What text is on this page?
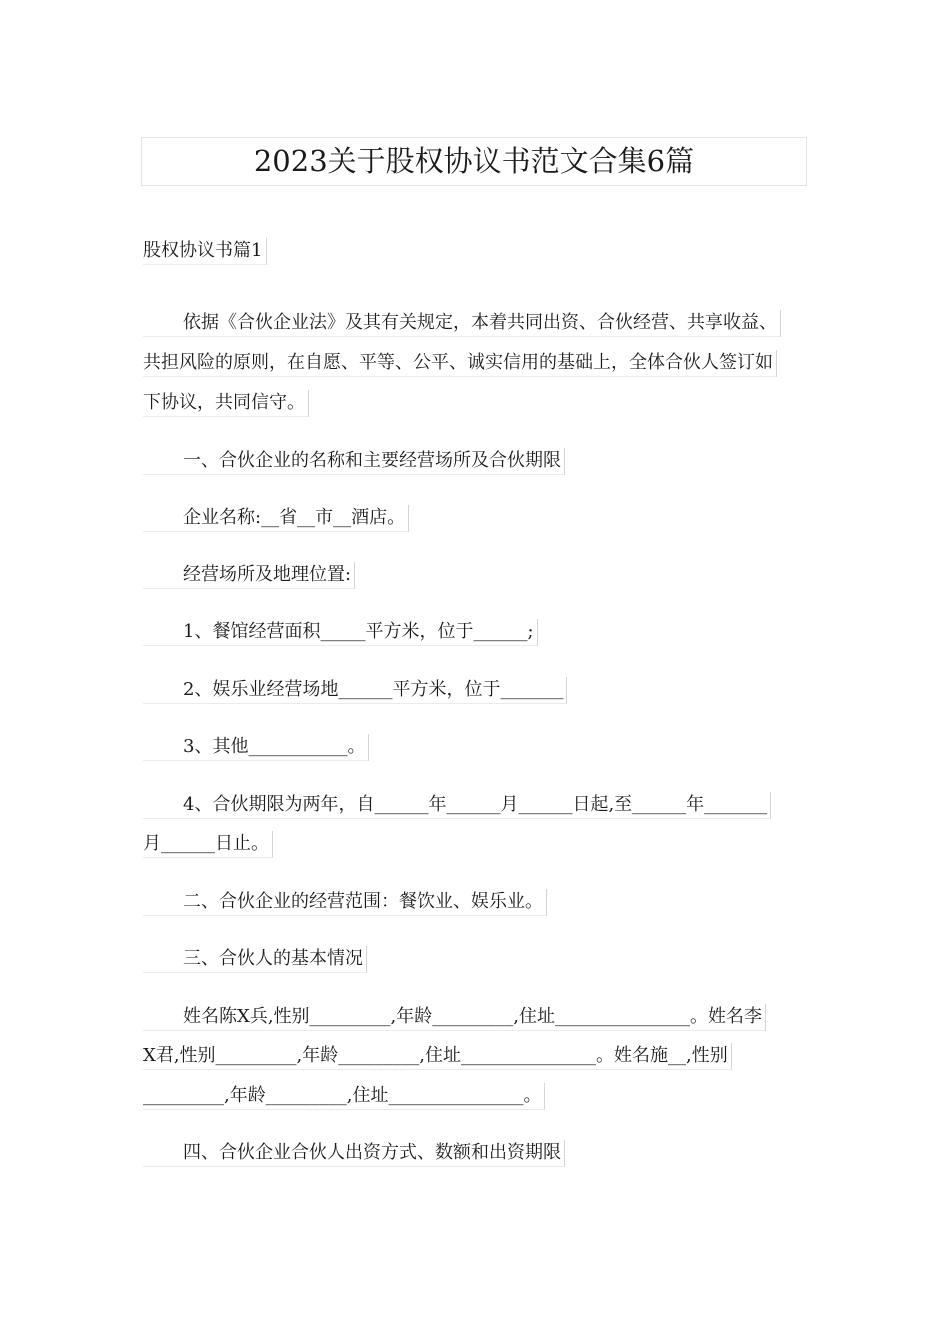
2023关于股权协议书范文合集6篇
股权协议书篇1
依据《合伙企业法》及其有关规定，本着共同出资、合伙经营、共享收益、
共担风险的原则，在自愿、平等、公平、诚实信用的基础上，全体合伙人签订如
下协议，共同信守。
一、合伙企业的名称和主要经营场所及合伙期限
企业名称:__省__市__酒店。
经营场所及地理位置:
1、餐馆经营面积_____平方米，位于______;
2、娱乐业经营场地______平方米，位于_______
3、其他___________。
4、合伙期限为两年，自______年______月______日起,至______年_______
月______日止。
二、合伙企业的经营范围：餐饮业、娱乐业。
三、合伙人的基本情况
姓名陈X兵,性别_________,年龄_________,住址_______________。姓名李
X君,性别_________,年龄_________,住址_______________。姓名施__,性别
_________,年龄_________,住址_______________。
四、合伙企业合伙人出资方式、数额和出资期限
